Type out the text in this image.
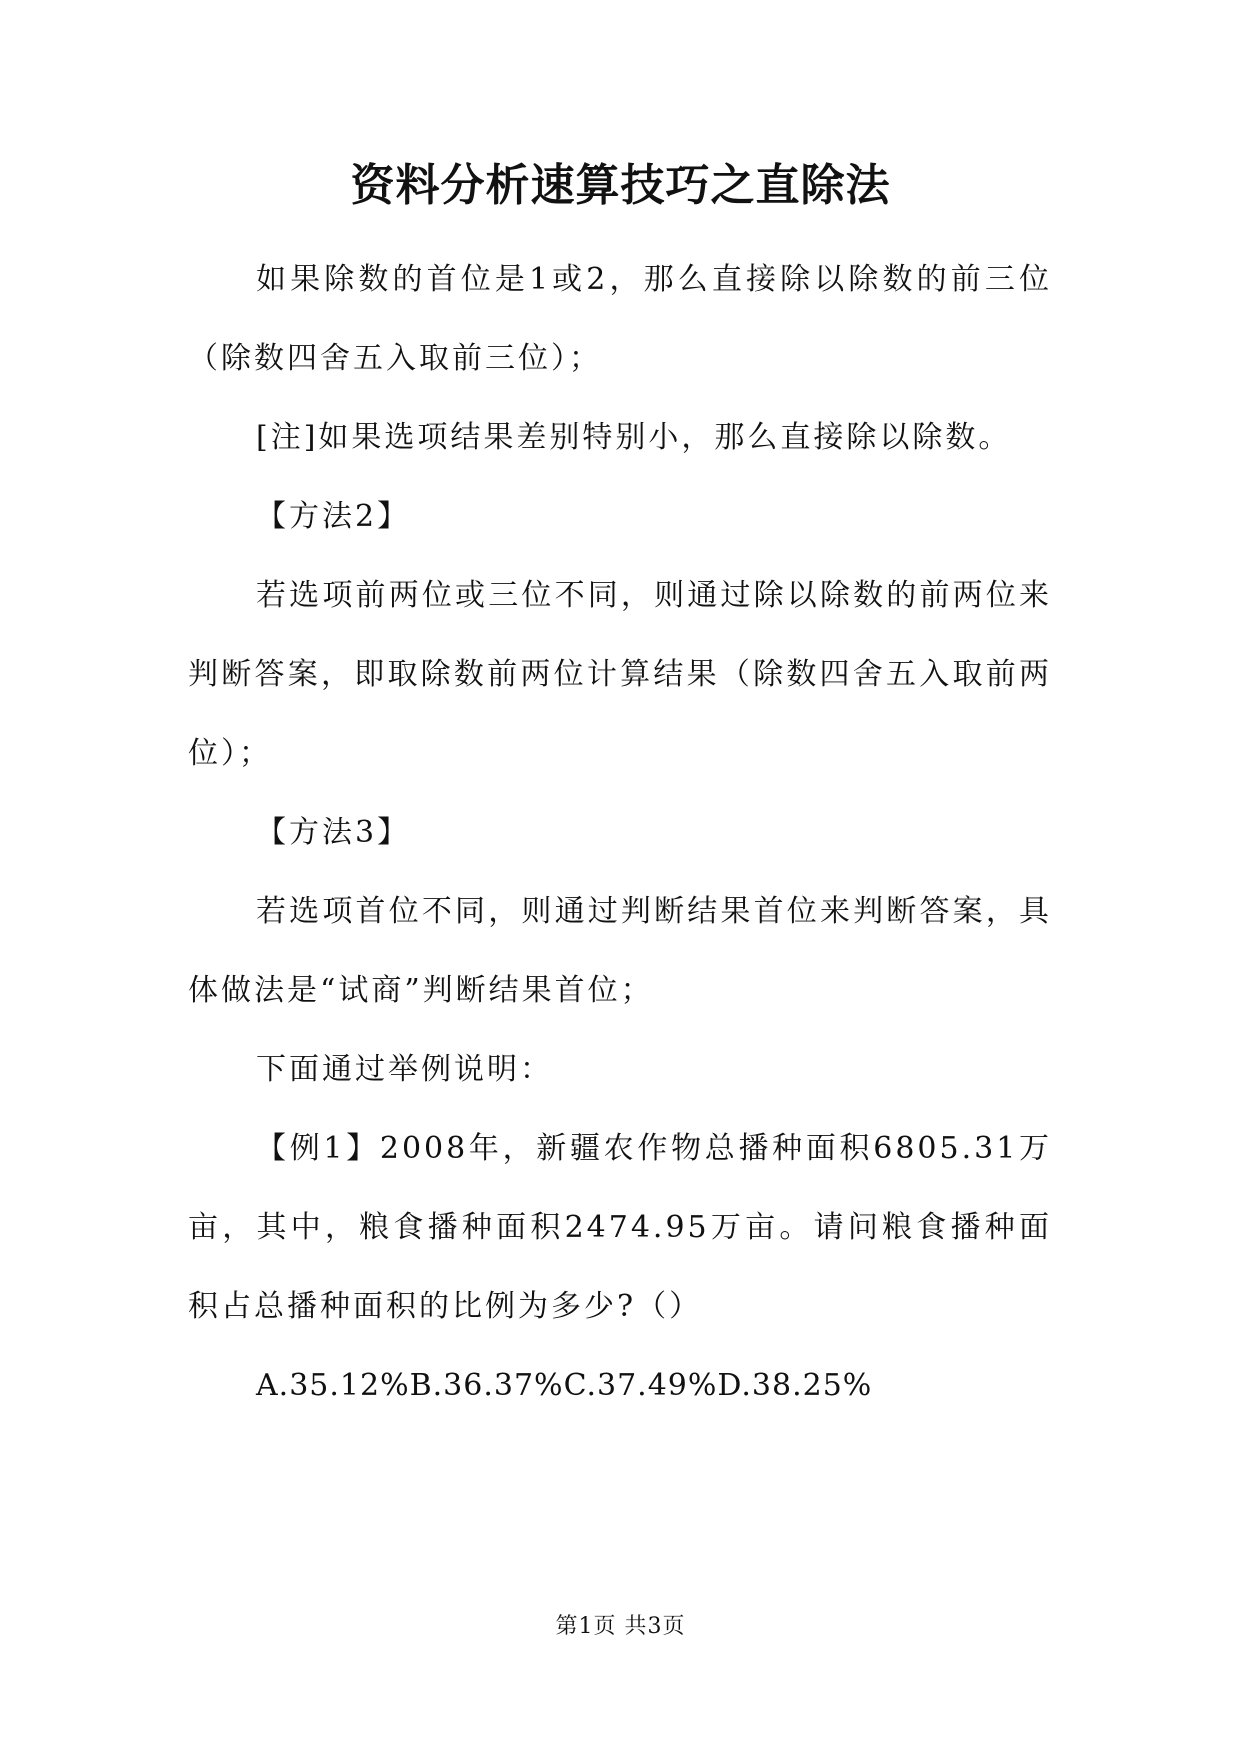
资料分析速算技巧之直除法

如果除数的首位是1或2，那么直接除以除数的前三位（除数四舍五入取前三位）；

[注]如果选项结果差别特别小，那么直接除以除数。

【方法2】

若选项前两位或三位不同，则通过除以除数的前两位来判断答案，即取除数前两位计算结果（除数四舍五入取前两位）；

【方法3】

若选项首位不同，则通过判断结果首位来判断答案，具体做法是“试商”判断结果首位；

下面通过举例说明：

【例1】2008年，新疆农作物总播种面积6805.31万亩，其中，粮食播种面积2474.95万亩。请问粮食播种面积占总播种面积的比例为多少?（）

A.35.12%B.36.37%C.37.49%D.38.25%

第1页 共3页
